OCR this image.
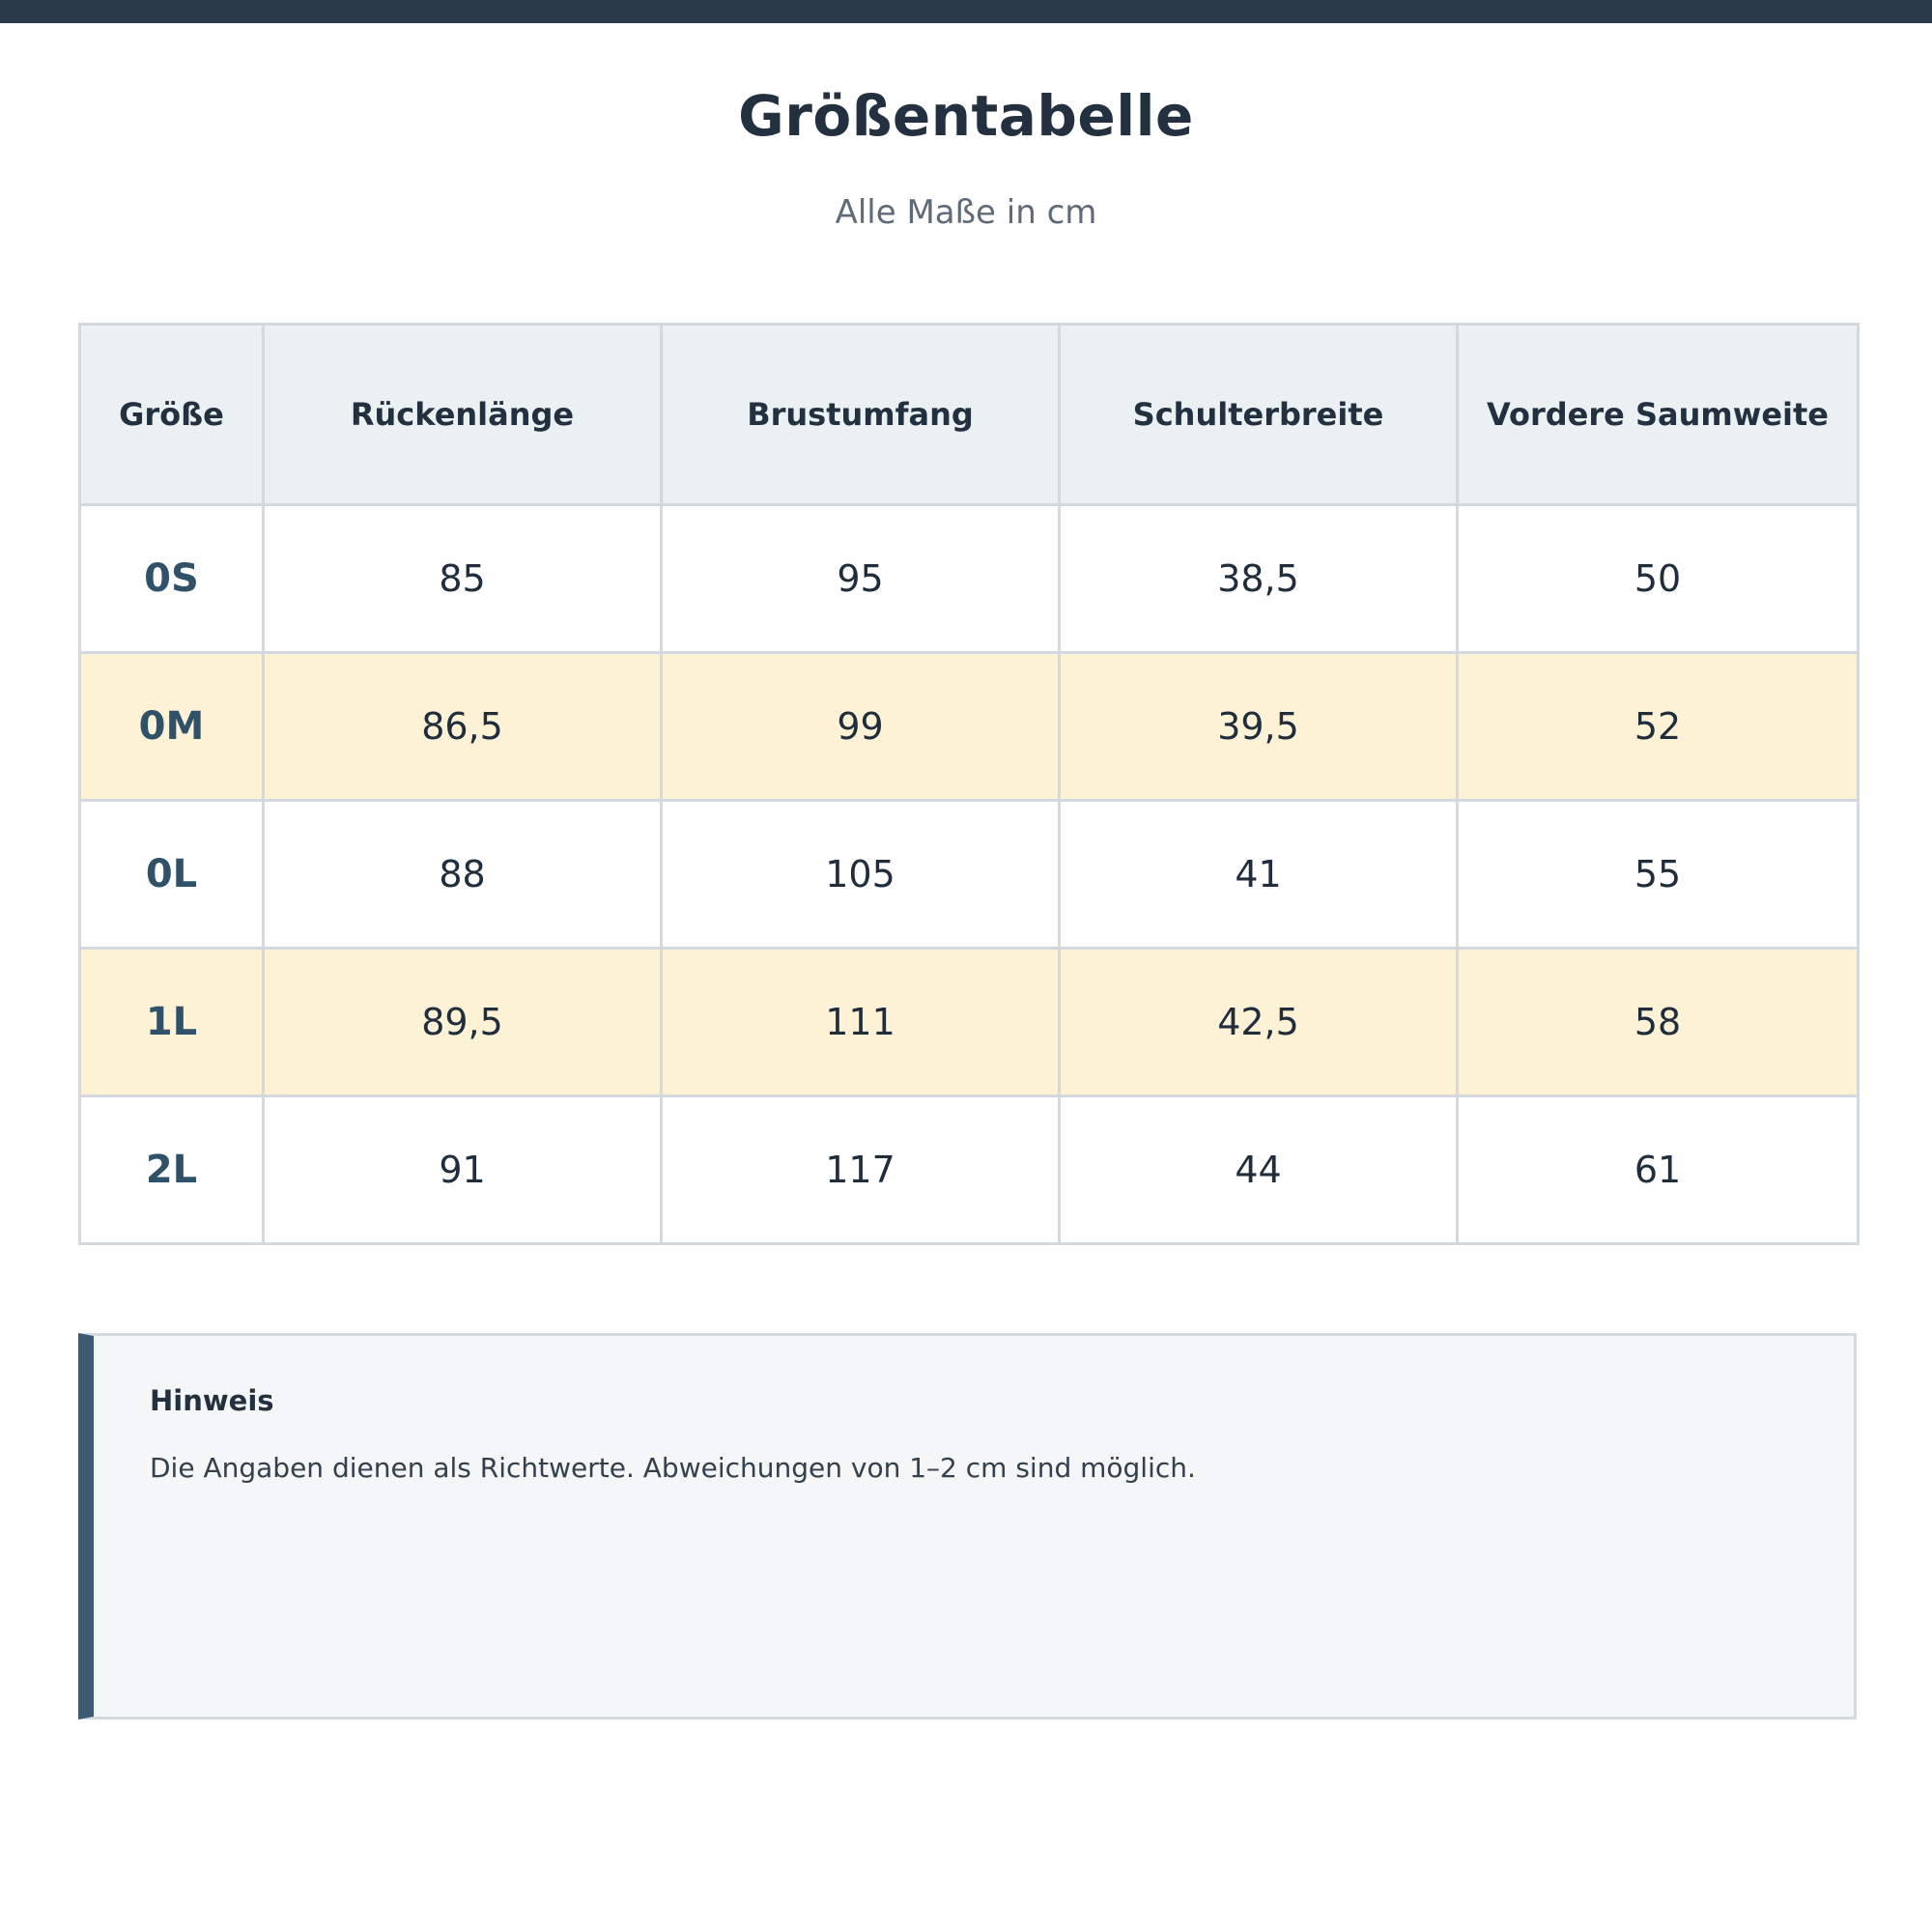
Größentabelle
Alle Maße in cm
Größe	Rückenlänge	Brustumfang	Schulterbreite	Vordere Saumweite
0S	85	95	38,5	50
0M	86,5	99	39,5	52
0L	88	105	41	55
1L	89,5	111	42,5	58
2L	91	117	44	61
Hinweis
Die Angaben dienen als Richtwerte. Abweichungen von 1–2 cm sind möglich.
